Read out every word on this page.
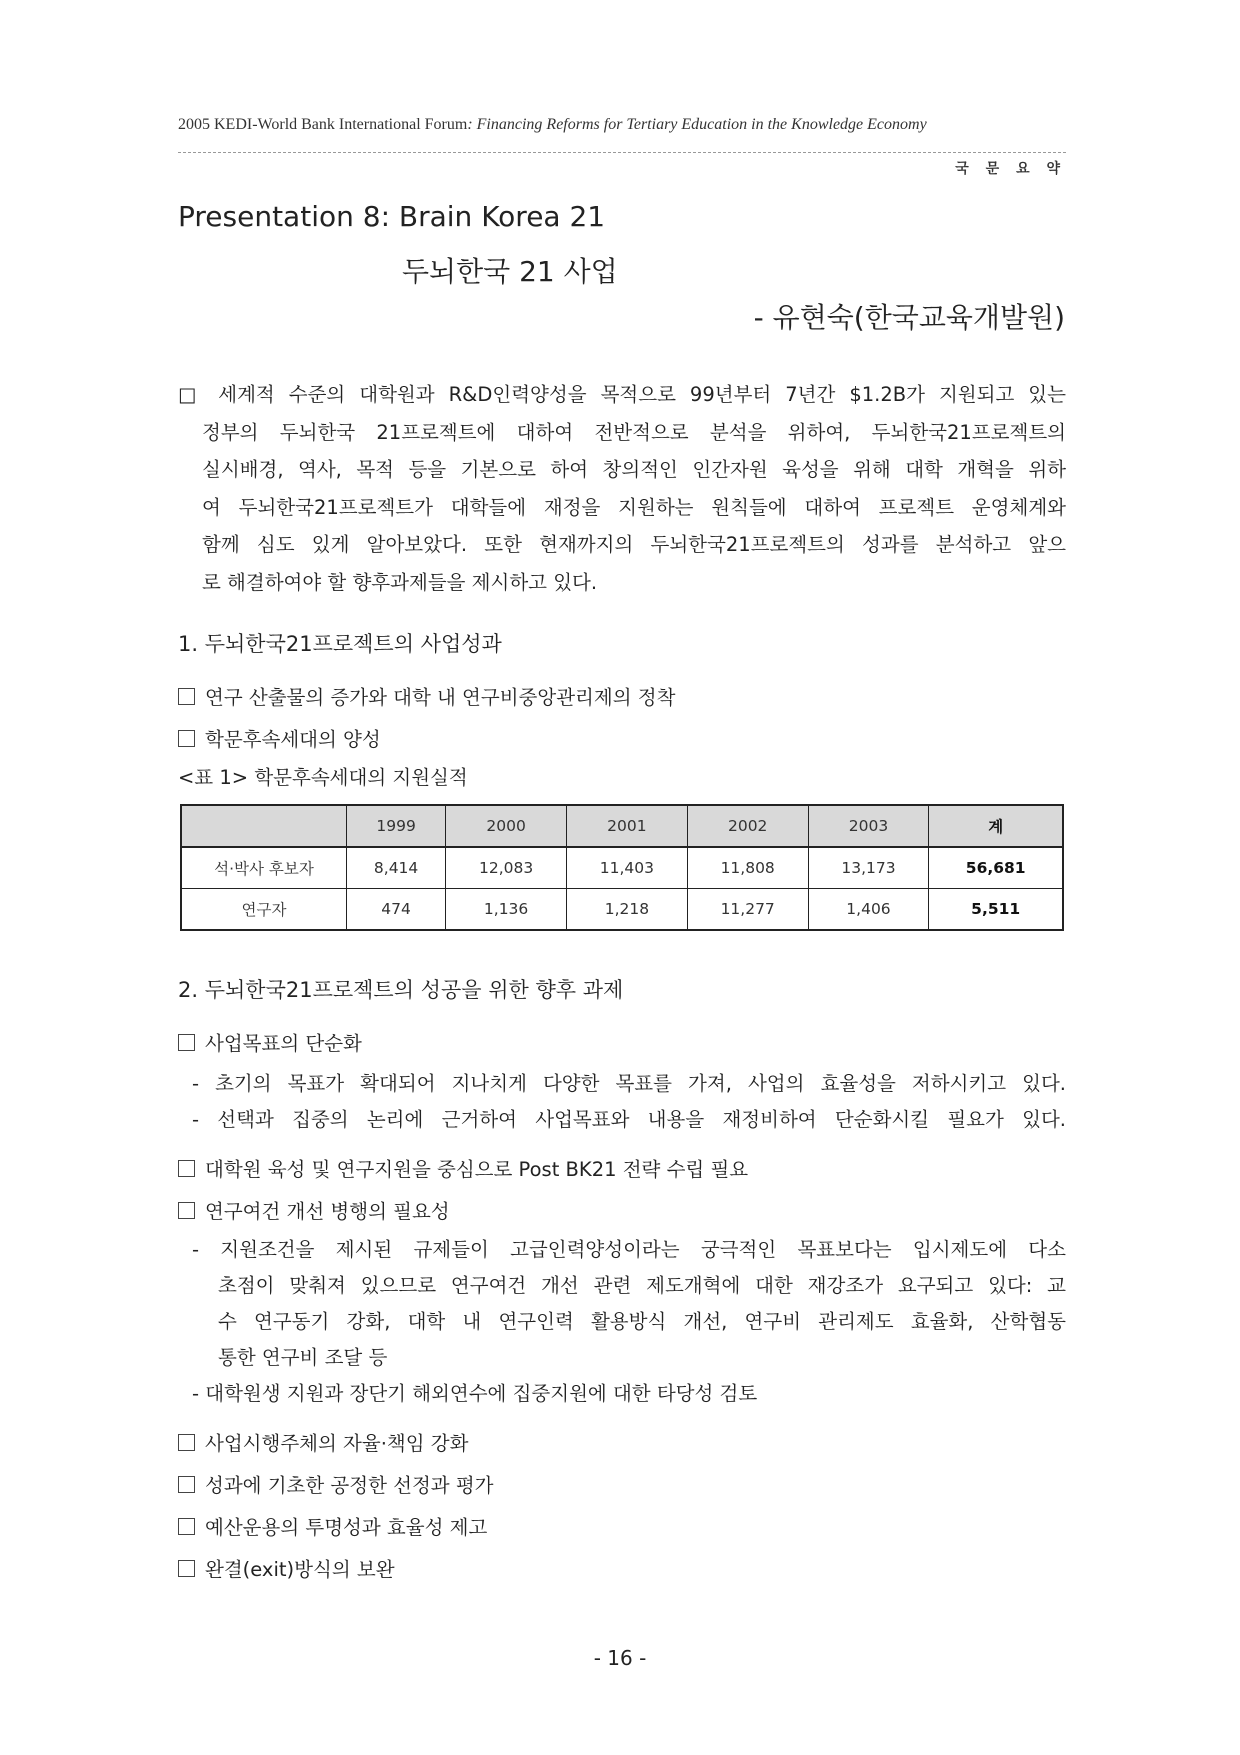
2005 KEDI-World Bank International Forum: Financing Reforms for Tertiary Education in the Knowledge Economy
국 문 요 약
Presentation 8: Brain Korea 21
두뇌한국 21 사업
- 유현숙(한국교육개발원)
□ 세계적 수준의 대학원과 R&D인력양성을 목적으로 99년부터 7년간 $1.2B가 지원되고 있는
정부의 두뇌한국 21프로젝트에 대하여 전반적으로 분석을 위하여, 두뇌한국21프로젝트의
실시배경, 역사, 목적 등을 기본으로 하여 창의적인 인간자원 육성을 위해 대학 개혁을 위하
여 두뇌한국21프로젝트가 대학들에 재정을 지원하는 원칙들에 대하여 프로젝트 운영체계와
함께 심도 있게 알아보았다. 또한 현재까지의 두뇌한국21프로젝트의 성과를 분석하고 앞으
로 해결하여야 할 향후과제들을 제시하고 있다.
1. 두뇌한국21프로젝트의 사업성과
연구 산출물의 증가와 대학 내 연구비중앙관리제의 정착
학문후속세대의 양성
<표 1> 학문후속세대의 지원실적
	1999	2000	2001	2002	2003	계
석·박사 후보자	8,414	12,083	11,403	11,808	13,173	56,681
연구자	474	1,136	1,218	11,277	1,406	5,511
2. 두뇌한국21프로젝트의 성공을 위한 향후 과제
사업목표의 단순화
- 초기의 목표가 확대되어 지나치게 다양한 목표를 가져, 사업의 효율성을 저하시키고 있다.
- 선택과 집중의 논리에 근거하여 사업목표와 내용을 재정비하여 단순화시킬 필요가 있다.
대학원 육성 및 연구지원을 중심으로 Post BK21 전략 수립 필요
연구여건 개선 병행의 필요성
- 지원조건을 제시된 규제들이 고급인력양성이라는 궁극적인 목표보다는 입시제도에 다소
초점이 맞춰져 있으므로 연구여건 개선 관련 제도개혁에 대한 재강조가 요구되고 있다: 교
수 연구동기 강화, 대학 내 연구인력 활용방식 개선, 연구비 관리제도 효율화, 산학협동
통한 연구비 조달 등
- 대학원생 지원과 장단기 해외연수에 집중지원에 대한 타당성 검토
사업시행주체의 자율·책임 강화
성과에 기초한 공정한 선정과 평가
예산운용의 투명성과 효율성 제고
완결(exit)방식의 보완
- 16 -
